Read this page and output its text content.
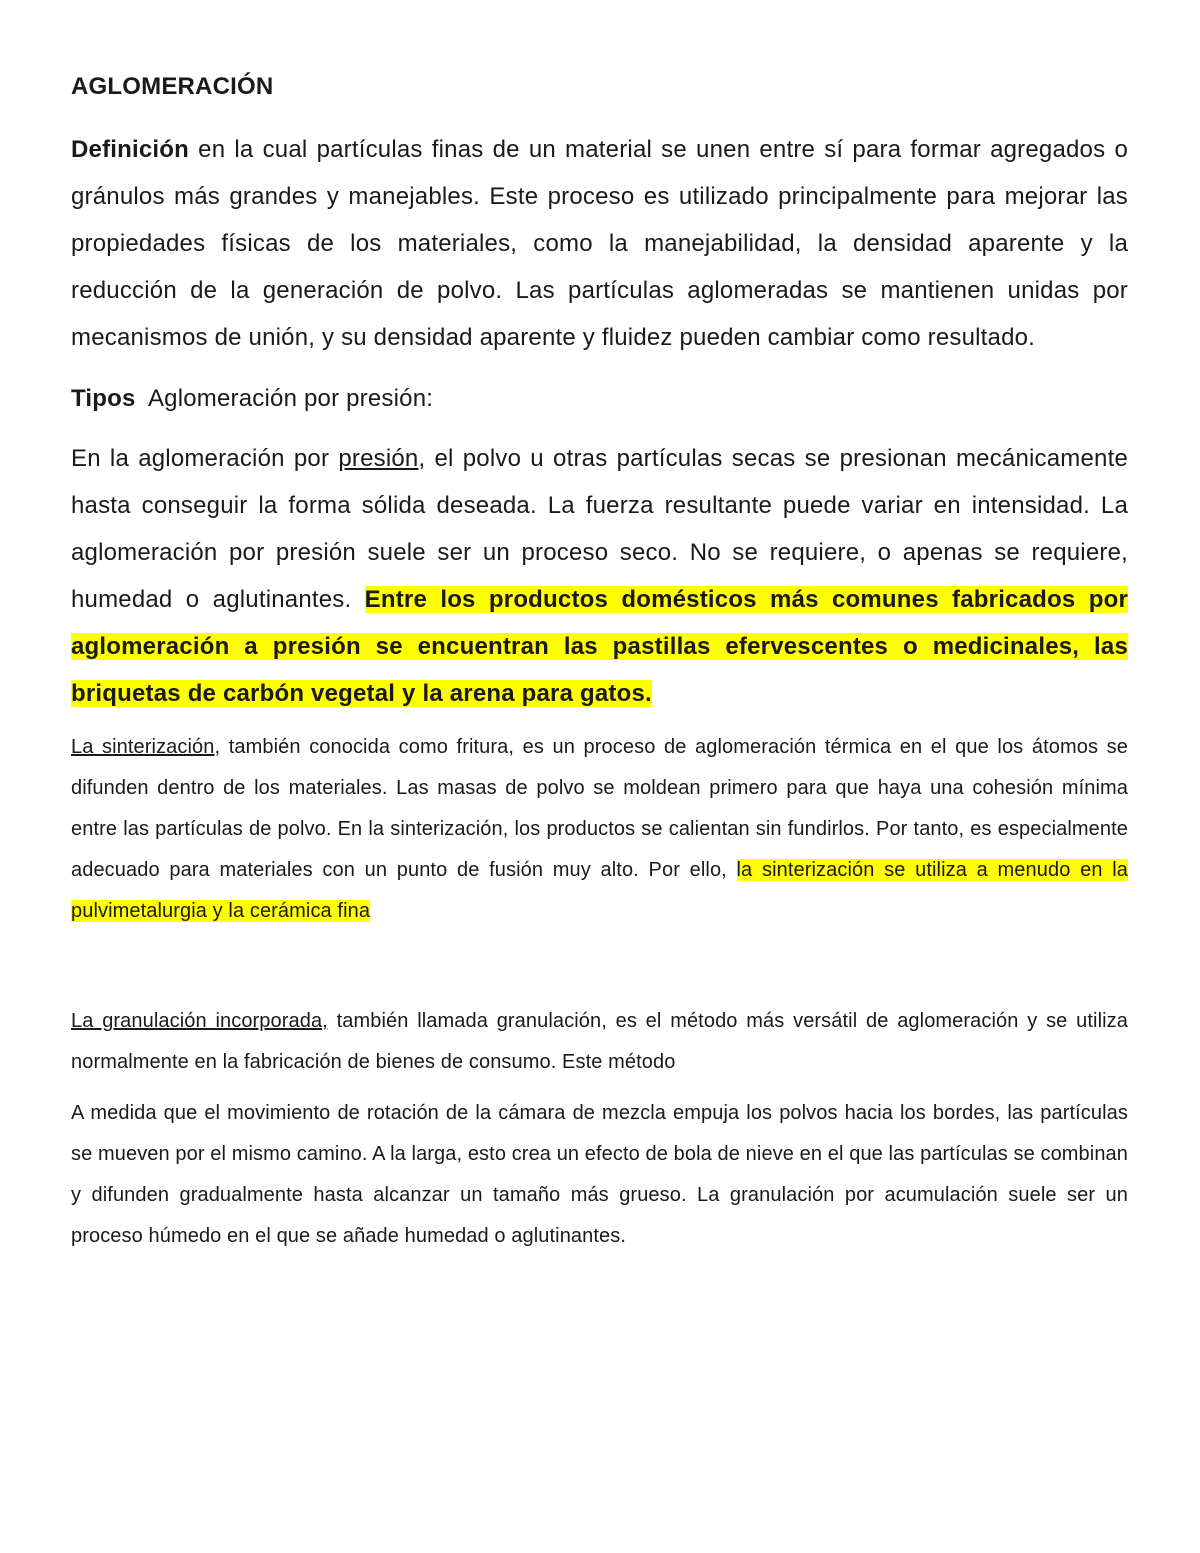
AGLOMERACIÓN

Definición en la cual partículas finas de un material se unen entre sí para formar agregados o gránulos más grandes y manejables. Este proceso es utilizado principalmente para mejorar las propiedades físicas de los materiales, como la manejabilidad, la densidad aparente y la reducción de la generación de polvo. Las partículas aglomeradas se mantienen unidas por mecanismos de unión, y su densidad aparente y fluidez pueden cambiar como resultado.

Tipos  Aglomeración por presión:

En la aglomeración por presión, el polvo u otras partículas secas se presionan mecánicamente hasta conseguir la forma sólida deseada. La fuerza resultante puede variar en intensidad. La aglomeración por presión suele ser un proceso seco. No se requiere, o apenas se requiere, humedad o aglutinantes. Entre los productos domésticos más comunes fabricados por aglomeración a presión se encuentran las pastillas efervescentes o medicinales, las briquetas de carbón vegetal y la arena para gatos.

La sinterización, también conocida como fritura, es un proceso de aglomeración térmica en el que los átomos se difunden dentro de los materiales. Las masas de polvo se moldean primero para que haya una cohesión mínima entre las partículas de polvo. En la sinterización, los productos se calientan sin fundirlos. Por tanto, es especialmente adecuado para materiales con un punto de fusión muy alto. Por ello, la sinterización se utiliza a menudo en la pulvimetalurgia y la cerámica fina

La granulación incorporada, también llamada granulación, es el método más versátil de aglomeración y se utiliza normalmente en la fabricación de bienes de consumo. Este método

A medida que el movimiento de rotación de la cámara de mezcla empuja los polvos hacia los bordes, las partículas se mueven por el mismo camino. A la larga, esto crea un efecto de bola de nieve en el que las partículas se combinan y difunden gradualmente hasta alcanzar un tamaño más grueso. La granulación por acumulación suele ser un proceso húmedo en el que se añade humedad o aglutinantes.
